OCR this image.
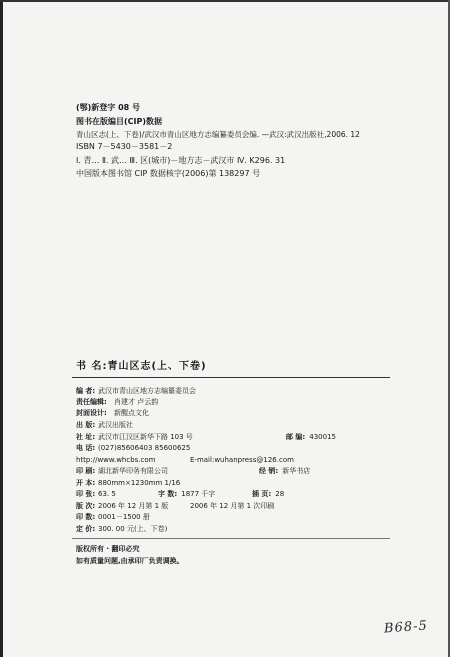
(鄂)新登字 08 号
图书在版编目(CIP)数据
青山区志(上、下卷)/武汉市青山区地方志编纂委员会编. —武汉:武汉出版社,2006. 12
ISBN 7－5430－3581－2
Ⅰ. 青… Ⅱ. 武… Ⅲ. 区(城市)－地方志－武汉市 Ⅳ. K296. 31
中国版本图书馆 CIP 数据核字(2006)第 138297 号
书 名:青山区志(上、下卷)
编 者: 武汉市青山区地方志编纂委员会
责任编辑: 肖建才 卢云韵
封面设计: 新醒点文化
出 版: 武汉出版社
社 址: 武汉市江汉区新华下路 103 号	邮 编: 430015
电 话: (027)85606403 85600625
http://www.whcbs.com	E-mail:wuhanpress@126.com
印 刷: 湖北新华印务有限公司	经 销: 新华书店
开 本: 880mm×1230mm 1/16
印 张: 63. 5	字 数: 1877 千字	插 页: 28
版 次: 2006 年 12 月第 1 版	2006 年 12 月第 1 次印刷
印 数: 0001－1500 册
定 价: 300. 00 元(上、下卷)
版权所有 · 翻印必究
如有质量问题,由承印厂负责调换。
B68-5
